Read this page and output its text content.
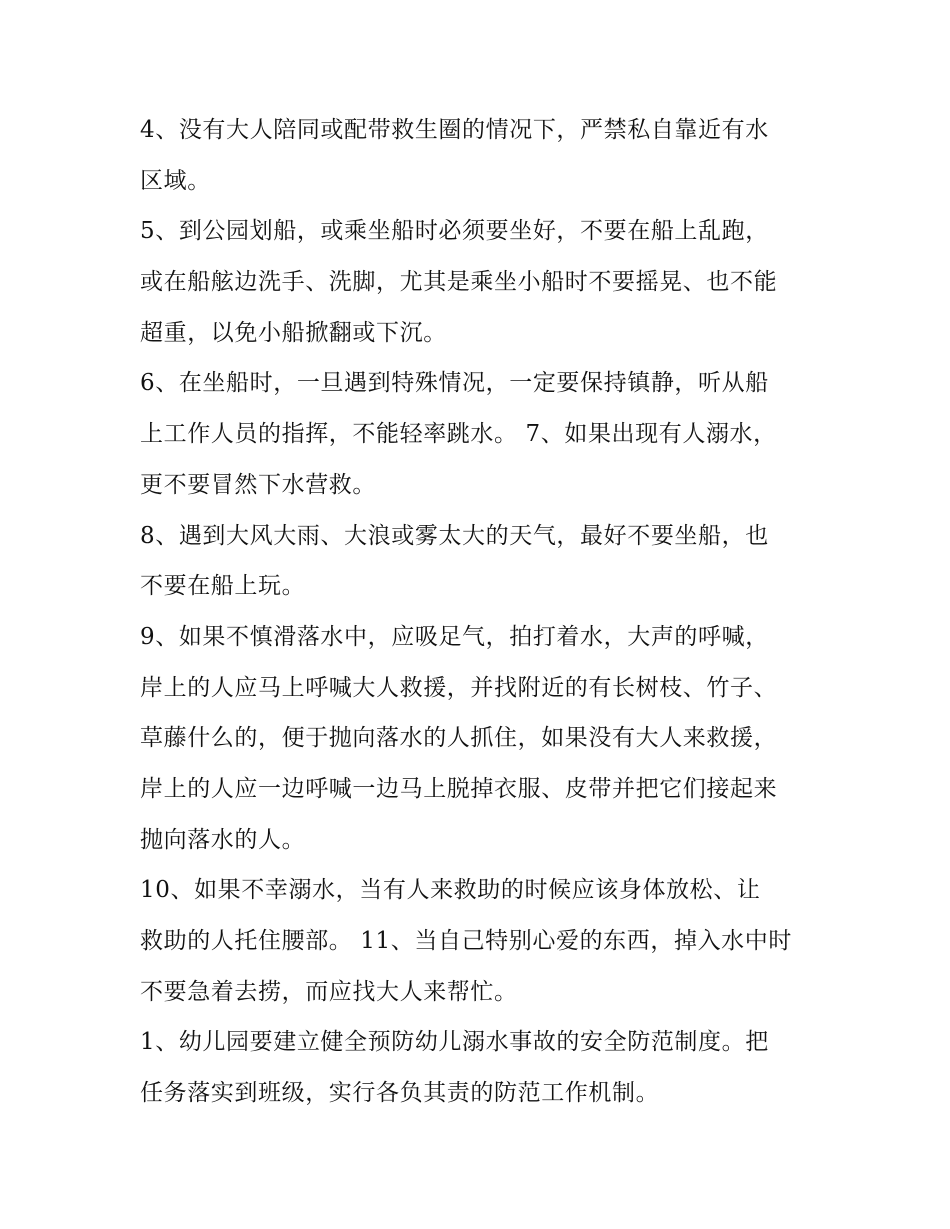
4、没有大人陪同或配带救生圈的情况下，严禁私自靠近有水
区域。
5、到公园划船，或乘坐船时必须要坐好，不要在船上乱跑，
或在船舷边洗手、洗脚，尤其是乘坐小船时不要摇晃、也不能
超重，以免小船掀翻或下沉。
6、在坐船时，一旦遇到特殊情况，一定要保持镇静，听从船
上工作人员的指挥，不能轻率跳水。 7、如果出现有人溺水，
更不要冒然下水营救。
8、遇到大风大雨、大浪或雾太大的天气，最好不要坐船，也
不要在船上玩。
9、如果不慎滑落水中，应吸足气，拍打着水，大声的呼喊，
岸上的人应马上呼喊大人救援，并找附近的有长树枝、竹子、
草藤什么的，便于抛向落水的人抓住，如果没有大人来救援，
岸上的人应一边呼喊一边马上脱掉衣服、皮带并把它们接起来
抛向落水的人。
10、如果不幸溺水，当有人来救助的时候应该身体放松、让
救助的人托住腰部。 11、当自己特别心爱的东西，掉入水中时
不要急着去捞，而应找大人来帮忙。
1、幼儿园要建立健全预防幼儿溺水事故的安全防范制度。把
任务落实到班级，实行各负其责的防范工作机制。
